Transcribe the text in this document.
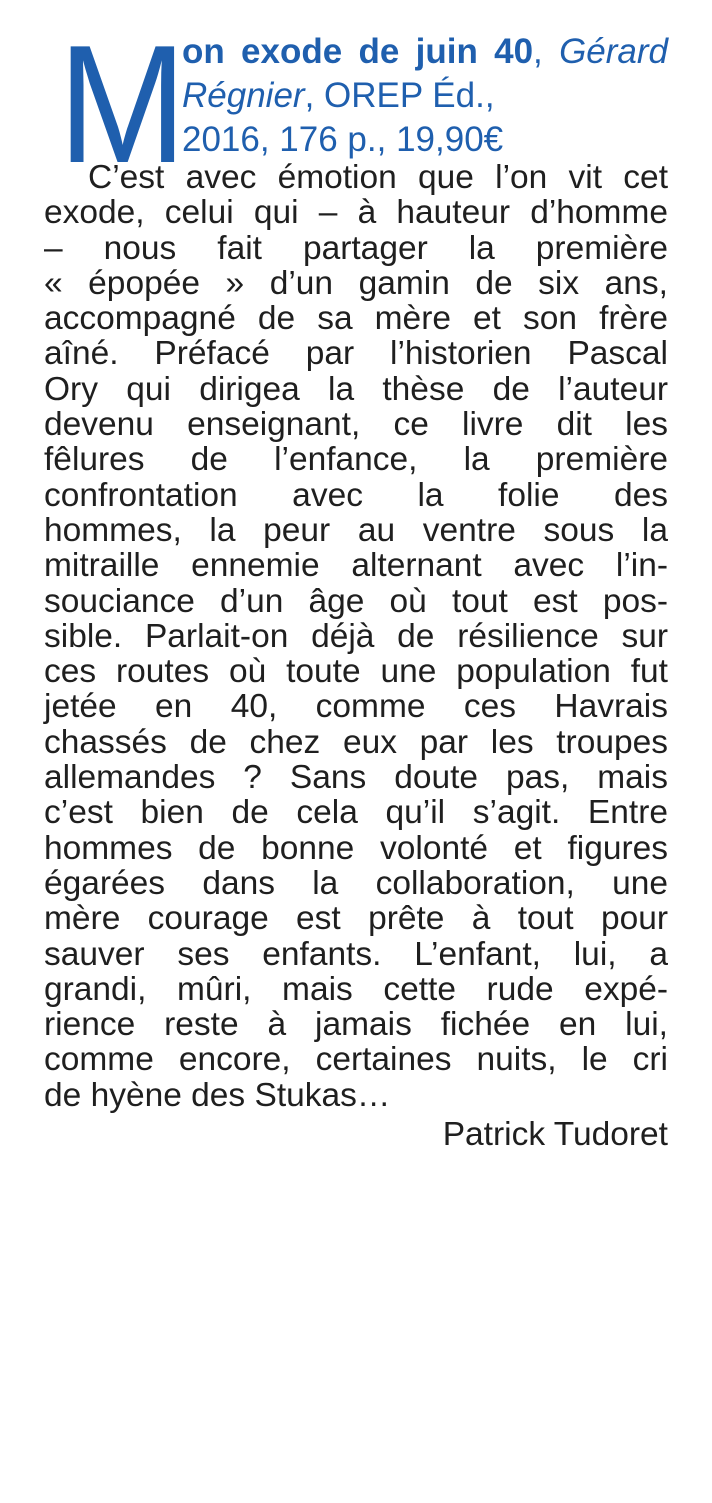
M
on exode de juin 40, Gérard Régnier, OREP Éd.,
2016, 176 p., 19,90€
C’est avec émotion que l’on vit cet
exode, celui qui – à hauteur d’homme
– nous fait partager la première
« épopée » d’un gamin de six ans,
accompagné de sa mère et son frère
aîné. Préfacé par l’historien Pascal
Ory qui dirigea la thèse de l’auteur
devenu enseignant, ce livre dit les
fêlures de l’enfance, la première
confrontation avec la folie des
hommes, la peur au ventre sous la
mitraille ennemie alternant avec l’in-
souciance d’un âge où tout est pos-
sible. Parlait-on déjà de résilience sur
ces routes où toute une population fut
jetée en 40, comme ces Havrais
chassés de chez eux par les troupes
allemandes ? Sans doute pas, mais
c’est bien de cela qu’il s’agit. Entre
hommes de bonne volonté et figures
égarées dans la collaboration, une
mère courage est prête à tout pour
sauver ses enfants. L’enfant, lui, a
grandi, mûri, mais cette rude expé-
rience reste à jamais fichée en lui,
comme encore, certaines nuits, le cri
de hyène des Stukas…
Patrick Tudoret
